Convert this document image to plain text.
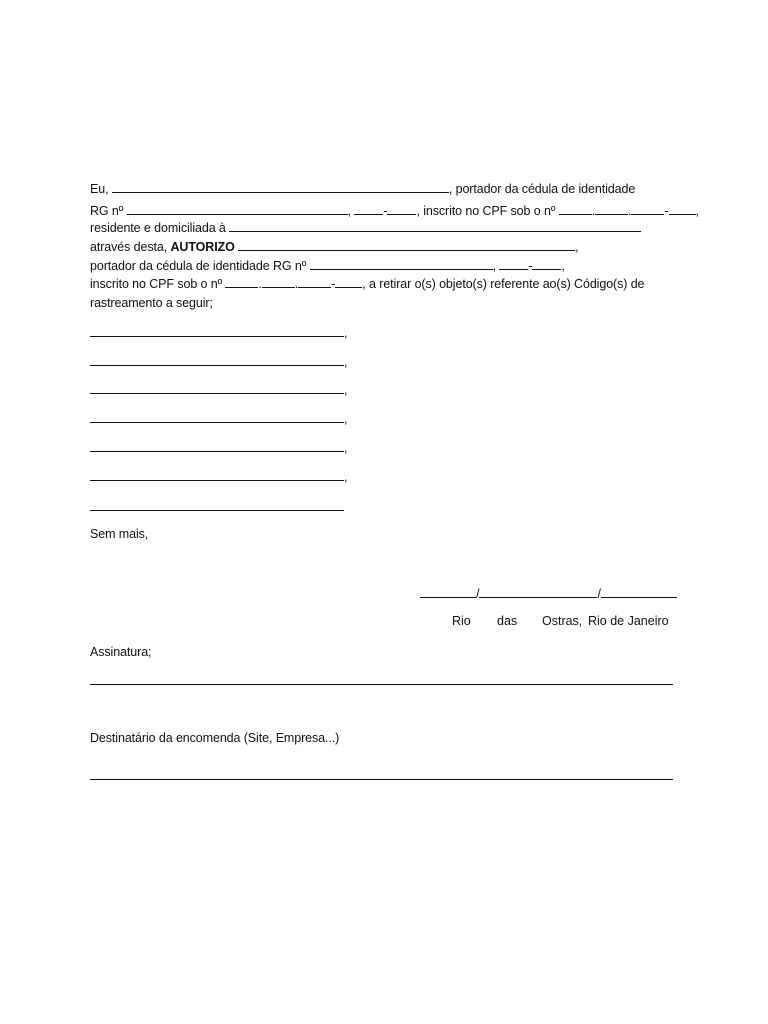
Eu,	, portador da cédula de identidade
RG nº	, - , inscrito no CPF sob o nº	.	.	- ,
residente e domiciliada à
através desta, AUTORIZO	,
portador da cédula de identidade RG nº	, - ,
inscrito no CPF sob o nº	.	.	- , a retirar o(s) objeto(s) referente ao(s) Código(s) de
rastreamento a seguir;
,
,
,
,
,
,
Sem mais,
/	/
Rio das Ostras, Rio de Janeiro
Assinatura;
Destinatário da encomenda (Site, Empresa...)
